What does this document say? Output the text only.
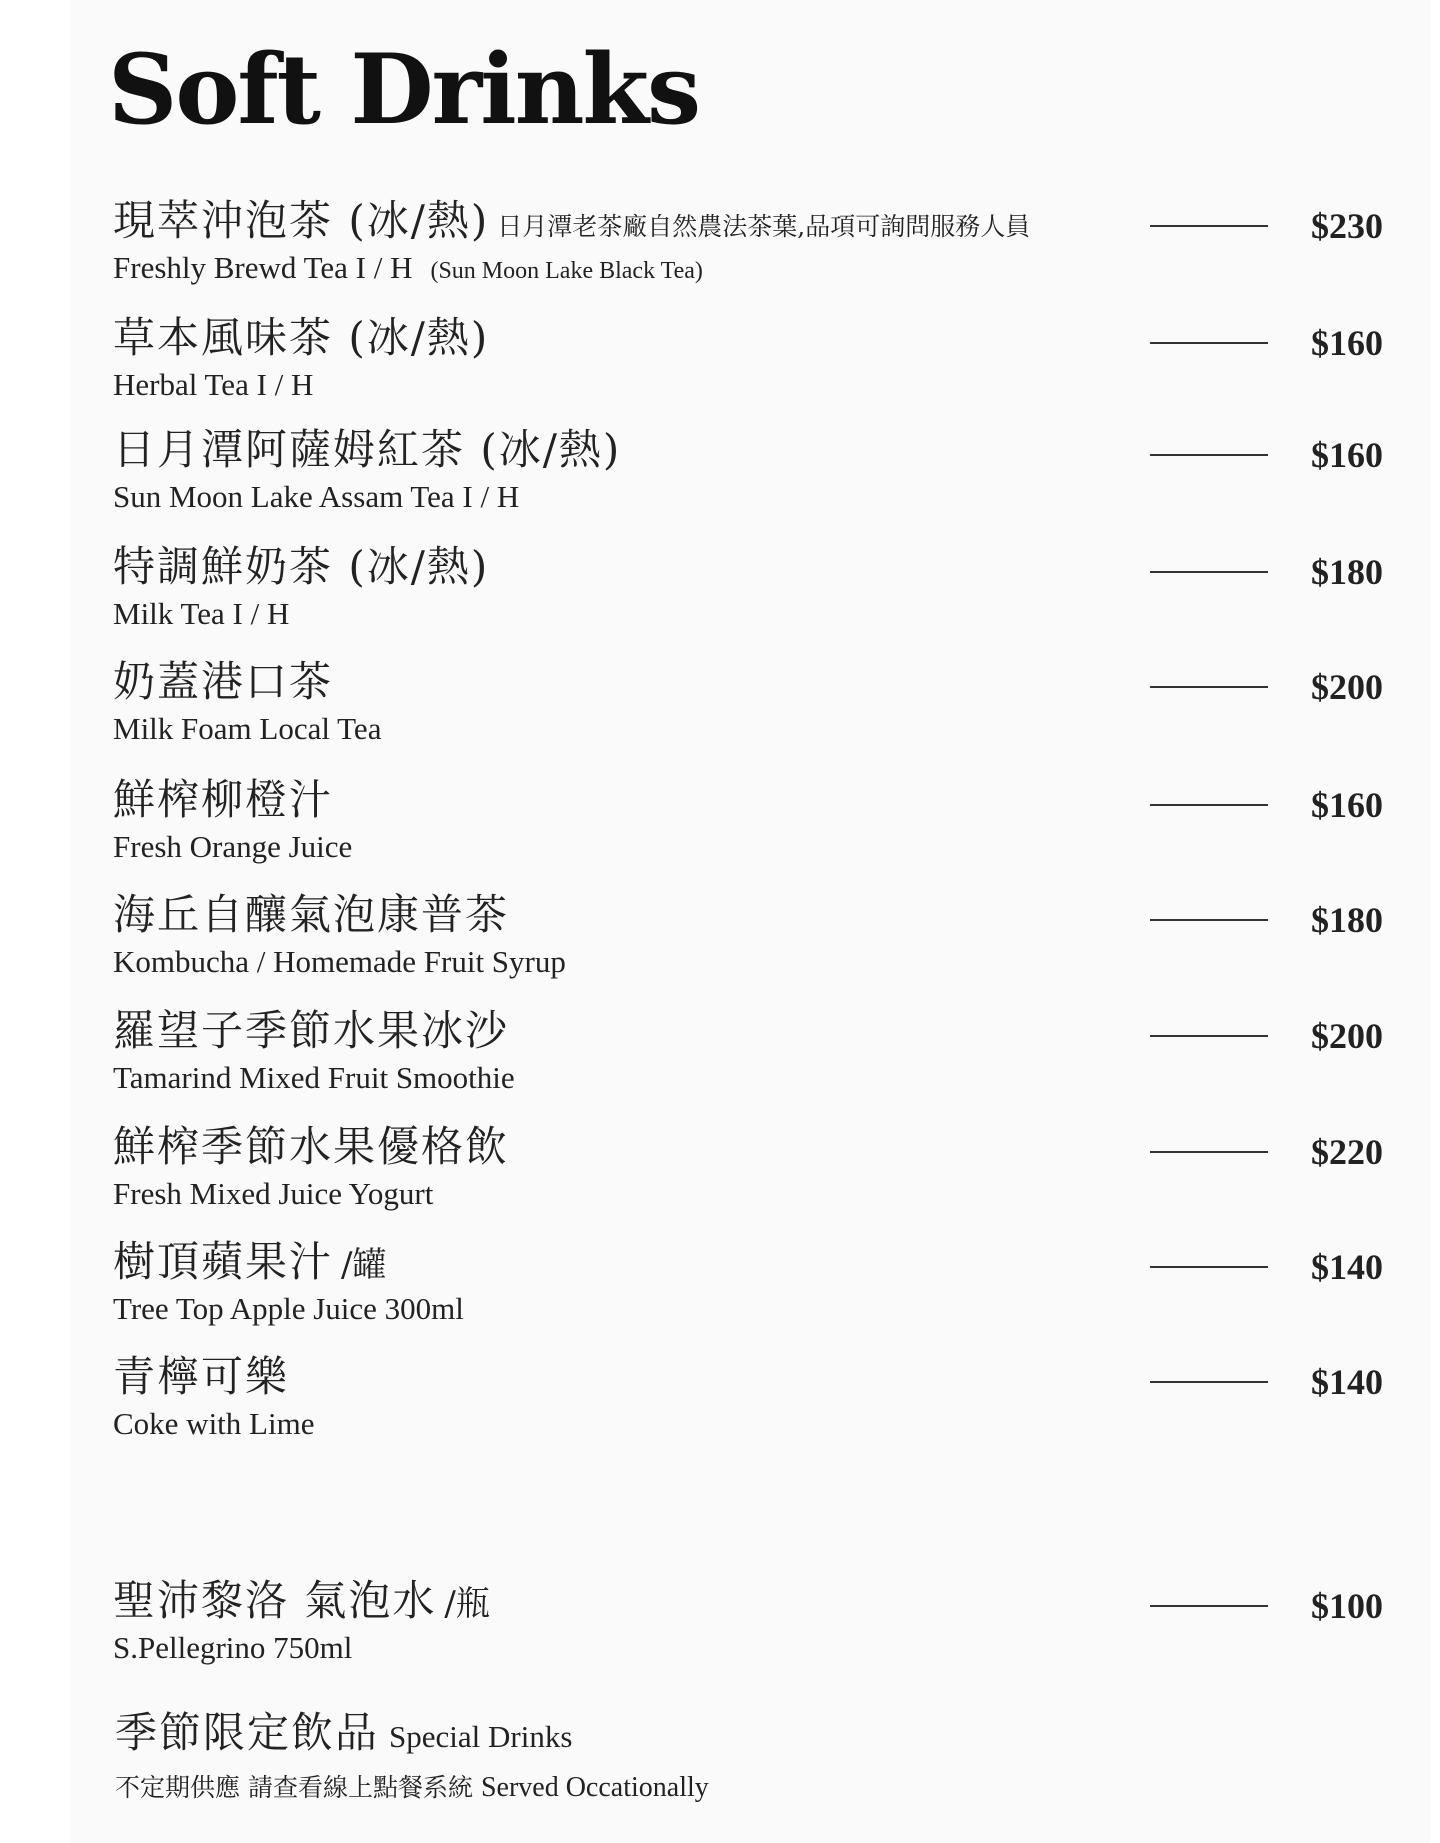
Soft Drinks
現萃沖泡茶 (冰/熱) 日月潭老茶廠自然農法茶葉,品項可詢問服務人員
Freshly Brewd Tea I / H (Sun Moon Lake Black Tea)
$230
草本風味茶 (冰/熱)
Herbal Tea I / H
$160
日月潭阿薩姆紅茶 (冰/熱)
Sun Moon Lake Assam Tea I / H
$160
特調鮮奶茶 (冰/熱)
Milk Tea I / H
$180
奶蓋港口茶
Milk Foam Local Tea
$200
鮮榨柳橙汁
Fresh Orange Juice
$160
海丘自釀氣泡康普茶
Kombucha / Homemade Fruit Syrup
$180
羅望子季節水果冰沙
Tamarind Mixed Fruit Smoothie
$200
鮮榨季節水果優格飲
Fresh Mixed Juice Yogurt
$220
樹頂蘋果汁 /罐
Tree Top Apple Juice 300ml
$140
青檸可樂
Coke with Lime
$140
聖沛黎洛 氣泡水 /瓶
S.Pellegrino 750ml
$100
季節限定飲品 Special Drinks
不定期供應 請查看線上點餐系統 Served Occationally
